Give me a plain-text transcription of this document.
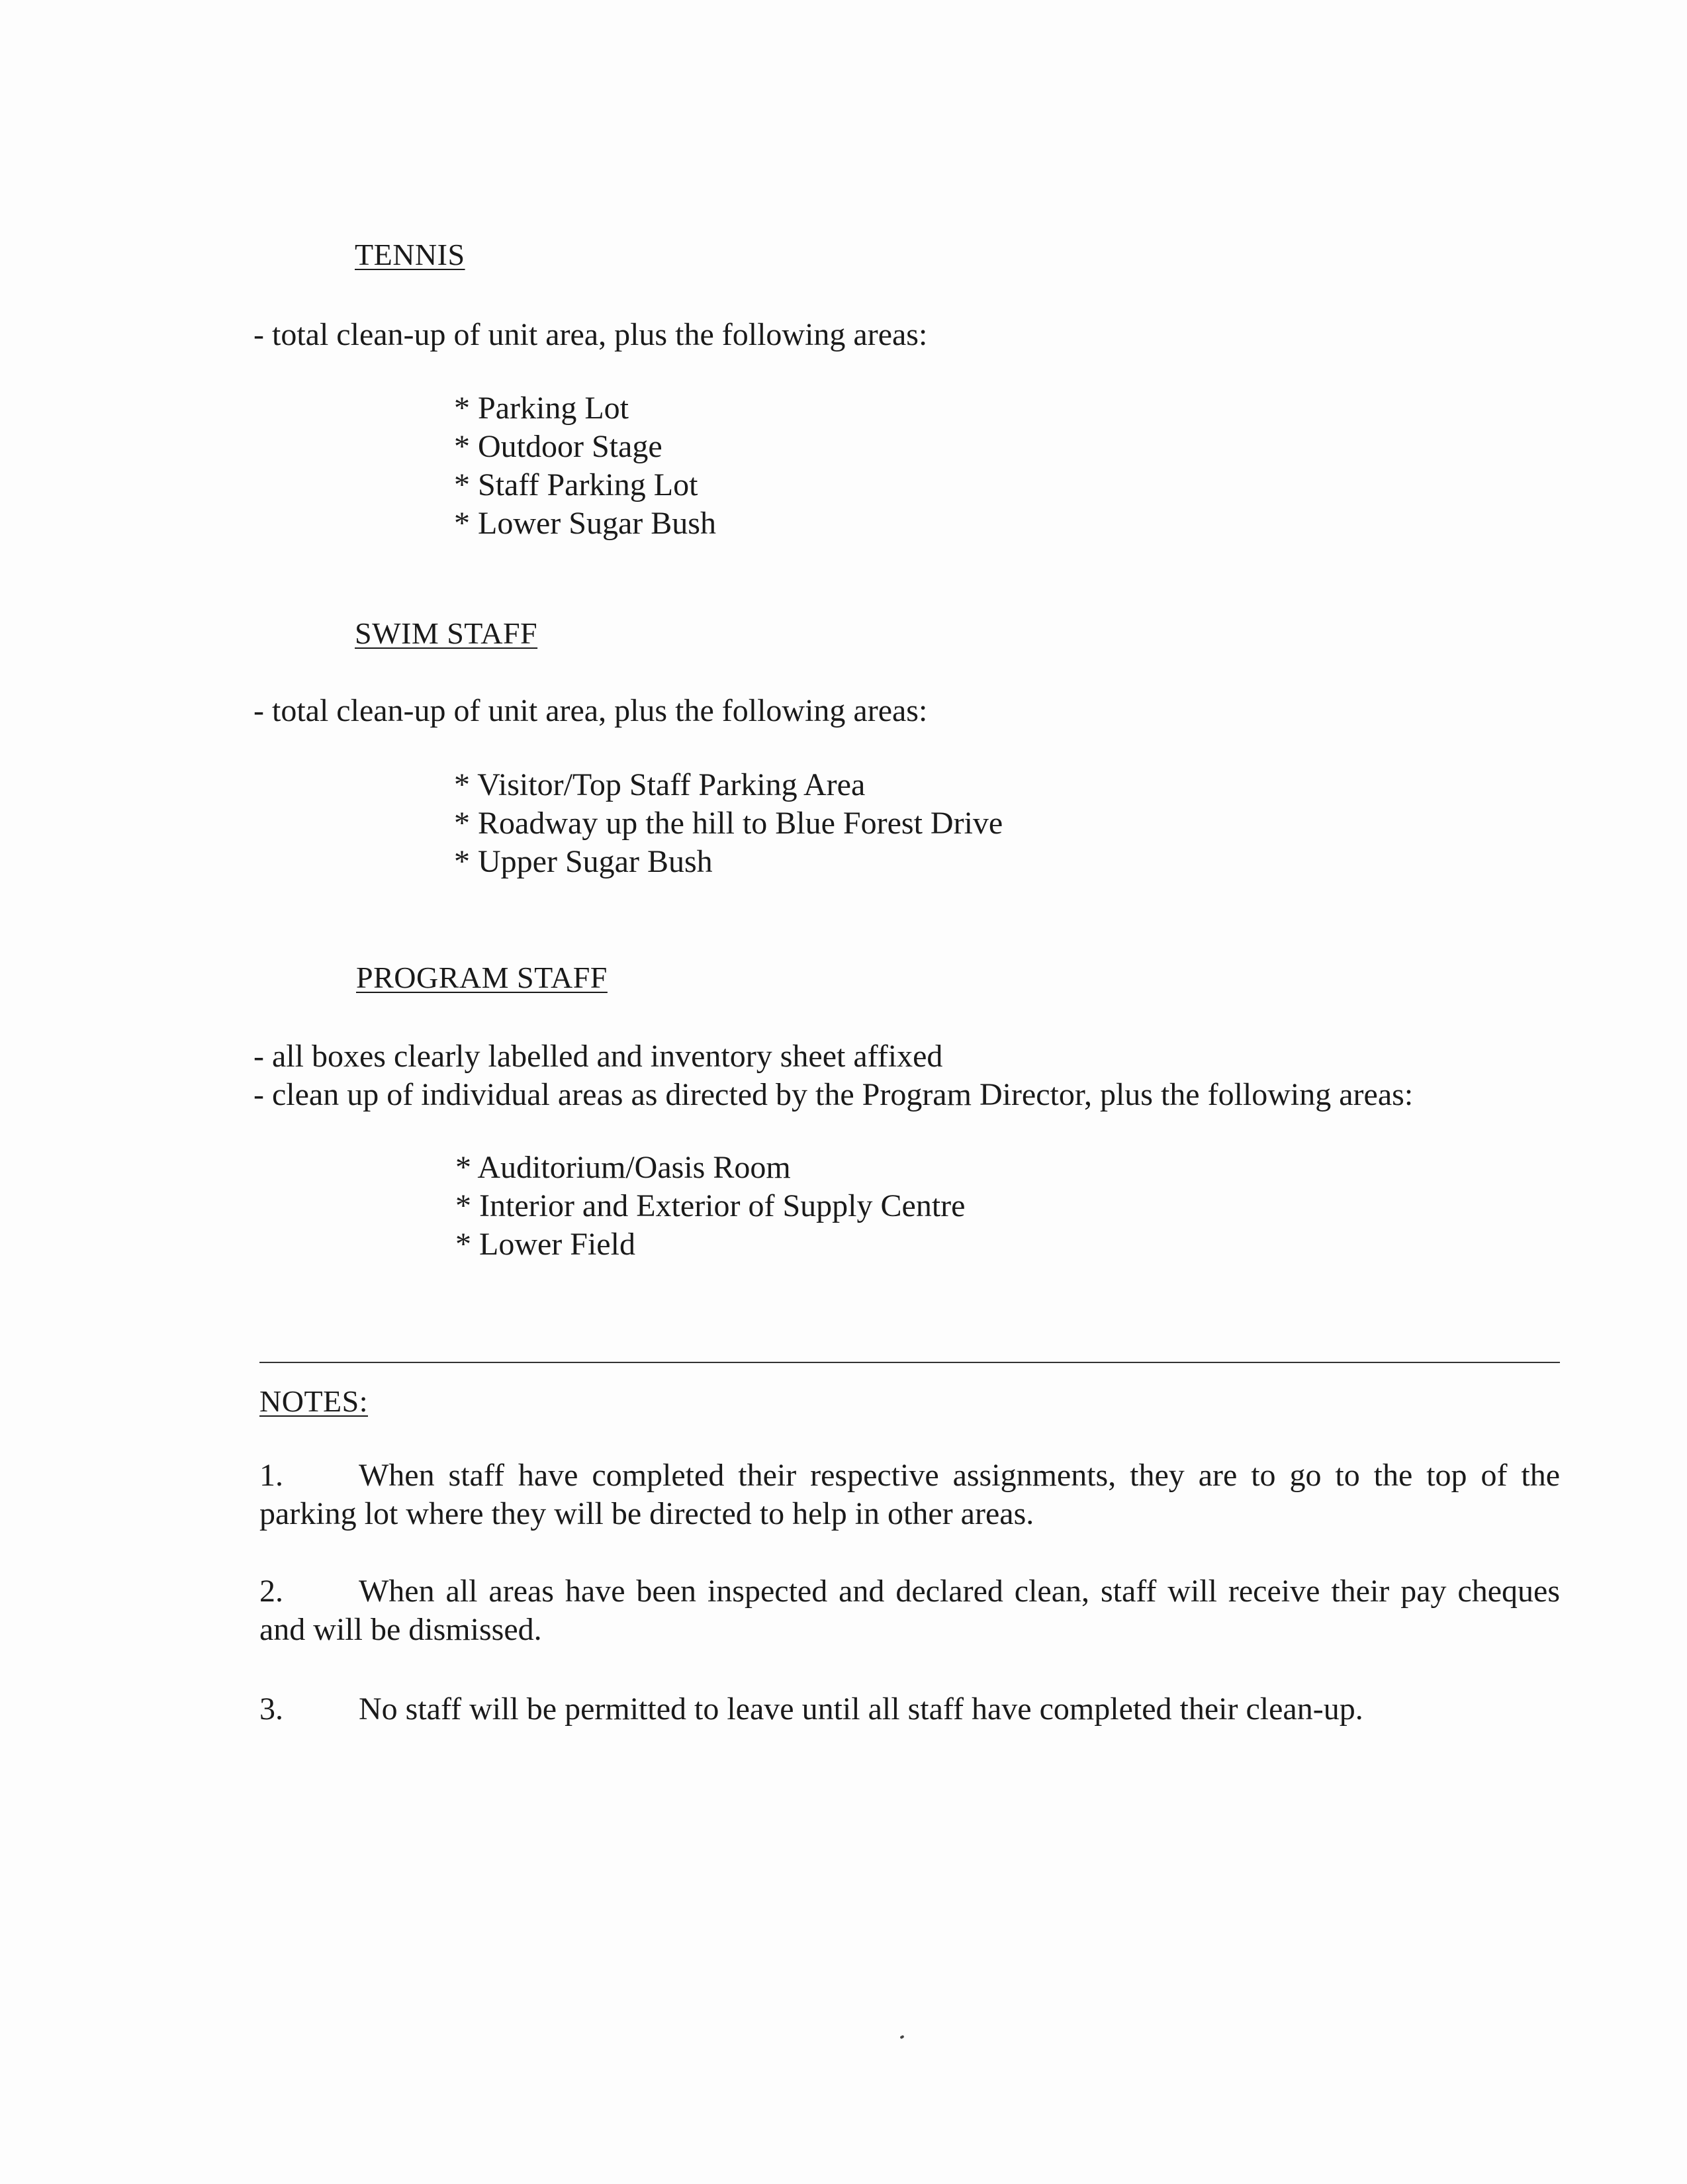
TENNIS
- total clean-up of unit area, plus the following areas:
* Parking Lot
* Outdoor Stage
* Staff Parking Lot
* Lower Sugar Bush
SWIM STAFF
- total clean-up of unit area, plus the following areas:
* Visitor/Top Staff Parking Area
* Roadway up the hill to Blue Forest Drive
* Upper Sugar Bush
PROGRAM STAFF
- all boxes clearly labelled and inventory sheet affixed
- clean up of individual areas as directed by the Program Director, plus the following areas:
* Auditorium/Oasis Room
* Interior and Exterior of Supply Centre
* Lower Field
NOTES:
1. When staff have completed their respective assignments, they are to go to the top of the parking lot where they will be directed to help in other areas.
2. When all areas have been inspected and declared clean, staff will receive their pay cheques and will be dismissed.
3. No staff will be permitted to leave until all staff have completed their clean-up.
